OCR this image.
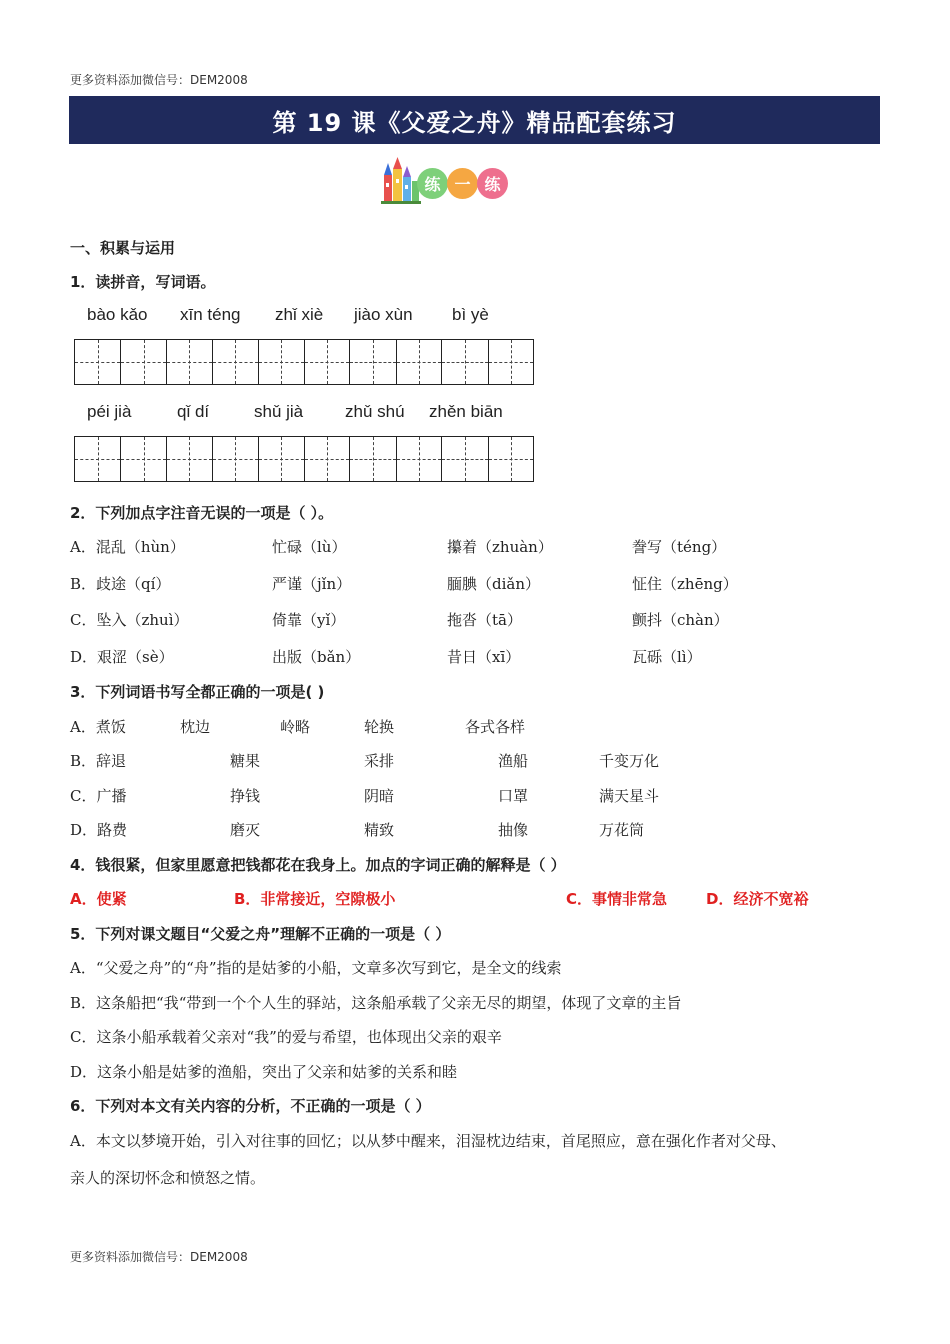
更多资料添加微信号：DEM2008
第 19 课《父爱之舟》精品配套练习
练 一 练
一、积累与运用
1．读拼音，写词语。
bào kǎo xīn téng zhǐ xiè jiào xùn bì yè
péi jià	qǐ dí	shǔ jià zhǔ shú zhěn biān
2．下列加点字注音无误的一项是（ ）。
A．混乱（hùn）	忙碌（lù）	攥着（zhuàn）	誊写（téng）
B．歧途（qí）	严谨（jǐn）	腼腆（diǎn）	怔住（zhēng）
C．坠入（zhuì）	倚靠（yǐ）	拖沓（tā）	颤抖（chàn）
D．艰涩（sè）	出版（bǎn）	昔日（xī）	瓦砾（lì）
3．下列词语书写全都正确的一项是( )
A．煮饭	枕边	岭略	轮换	各式各样
B．辞退	糖果	采排	渔船	千变万化
C．广播	挣钱	阴暗	口罩	满天星斗
D．路费	磨灭	精致	抽像	万花筒
4．钱很紧，但家里愿意把钱都花在我身上。加点的字词正确的解释是（ ）
A．使紧	B．非常接近，空隙极小	C．事情非常急	D．经济不宽裕
5．下列对课文题目“父爱之舟”理解不正确的一项是（ ）
A．“父爱之舟”的“舟”指的是姑爹的小船，文章多次写到它，是全文的线索
B．这条船把“我“带到一个个人生的驿站，这条船承载了父亲无尽的期望，体现了文章的主旨
C．这条小船承载着父亲对“我”的爱与希望，也体现出父亲的艰辛
D．这条小船是姑爹的渔船，突出了父亲和姑爹的关系和睦
6．下列对本文有关内容的分析，不正确的一项是（ ）
A．本文以梦境开始，引入对往事的回忆；以从梦中醒来，泪湿枕边结束，首尾照应，意在强化作者对父母、
亲人的深切怀念和愤怒之情。
更多资料添加微信号：DEM2008
